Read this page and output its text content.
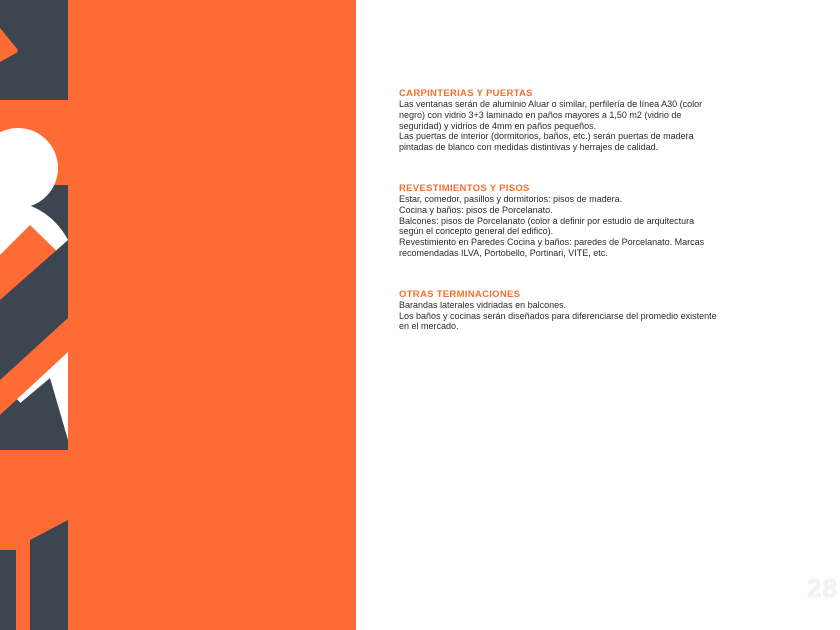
CARPINTERIAS Y PUERTAS

Las ventanas serán de aluminio Aluar o similar, perfilería de línea A30 (color

negro) con vidrio 3+3 laminado en paños mayores a 1,50 m2 (vidrio de

seguridad) y vidrios de 4mm en paños pequeños.

Las puertas de interior (dormitorios, baños, etc.) serán puertas de madera

pintadas de blanco con medidas distintivas y herrajes de calidad.

REVESTIMIENTOS Y PISOS

Estar, comedor, pasillos y dormitorios: pisos de madera.

Cocina y baños: pisos de Porcelanato.

Balcones: pisos de Porcelanato (color a definir por estudio de arquitectura

según el concepto general del edifico).

Revestimiento en Paredes Cocina y baños: paredes de Porcelanato. Marcas

recomendadas ILVA, Portobello, Portinari, VITE, etc.

OTRAS TERMINACIONES

Barandas laterales vidriadas en balcones.

Los baños y cocinas serán diseñados para diferenciarse del promedio existente

en el mercado.

28
